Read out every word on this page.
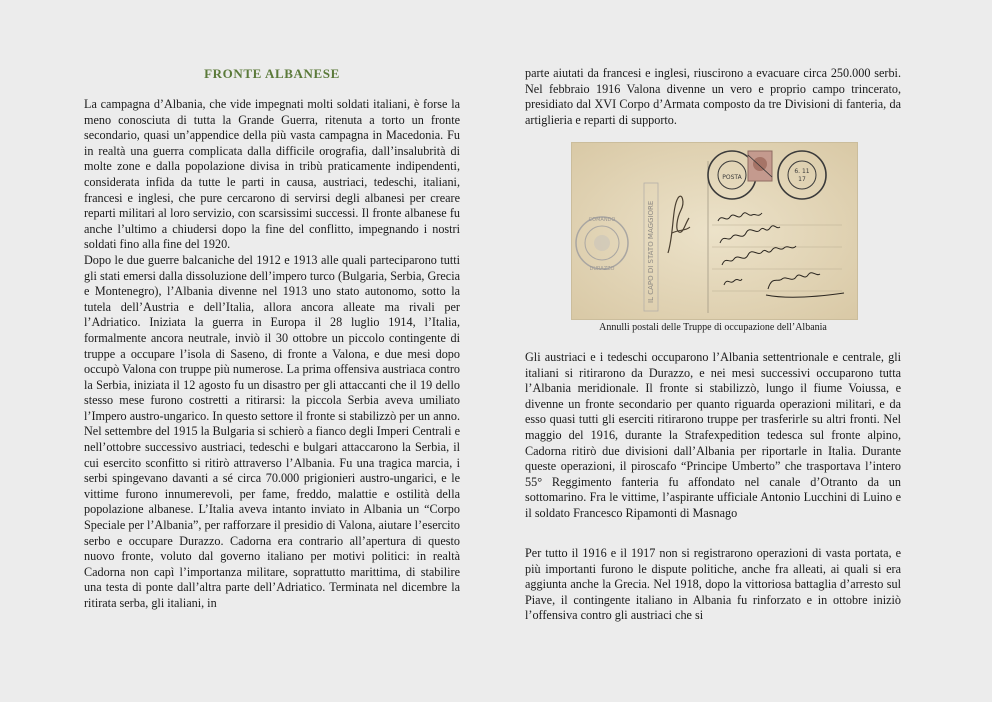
FRONTE ALBANESE

La campagna d’Albania, che vide impegnati molti soldati italiani, è forse la meno conosciuta di tutta la Grande Guerra, ritenuta a torto un fronte secondario, quasi un’appendice della più vasta campagna in Macedonia. Fu in realtà una guerra complicata dalla difficile orografia, dall’insalubrità di molte zone e dalla popolazione divisa in tribù praticamente indipendenti, considerata infida da tutte le parti in causa, austriaci, tedeschi, italiani, francesi e inglesi, che pure cercarono di servirsi degli albanesi per creare reparti militari al loro servizio, con scarsissimi successi. Il fronte albanese fu anche l’ultimo a chiudersi dopo la fine del conflitto, impegnando i nostri soldati fino alla fine del 1920.

Dopo le due guerre balcaniche del 1912 e 1913 alle quali parteciparono tutti gli stati emersi dalla dissoluzione dell’impero turco (Bulgaria, Serbia, Grecia e Montenegro), l’Albania divenne nel 1913 uno stato autonomo, sotto la tutela dell’Austria e dell’Italia, allora ancora alleate ma rivali per l’Adriatico. Iniziata la guerra in Europa il 28 luglio 1914, l’Italia, formalmente ancora neutrale, inviò il 30 ottobre un piccolo contingente di truppe a occupare l’isola di Saseno, di fronte a Valona, e due mesi dopo occupò Valona con truppe più numerose. La prima offensiva austriaca contro la Serbia, iniziata il 12 agosto fu un disastro per gli attaccanti che il 19 dello stesso mese furono costretti a ritirarsi: la piccola Serbia aveva umiliato l’Impero austro-ungarico. In questo settore il fronte si stabilizzò per un anno. Nel settembre del 1915 la Bulgaria si schierò a fianco degli Imperi Centrali e nell’ottobre successivo austriaci, tedeschi e bulgari attaccarono la Serbia, il cui esercito sconfitto si ritirò attraverso l’Albania. Fu una tragica marcia, i serbi spingevano davanti a sé circa 70.000 prigionieri austro-ungarici, e le vittime furono innumerevoli, per fame, freddo, malattie e ostilità della popolazione albanese. L’Italia aveva intanto inviato in Albania un “Corpo Speciale per l’Albania”, per rafforzare il presidio di Valona, aiutare l’esercito serbo e occupare Durazzo. Cadorna era contrario all’apertura di questo nuovo fronte, voluto dal governo italiano per motivi politici: in realtà Cadorna non capì l’importanza militare, soprattutto marittima, di stabilire una testa di ponte dall’altra parte dell’Adriatico. Terminata nel dicembre la ritirata serba, gli italiani, in

parte aiutati da francesi e inglesi, riuscirono a evacuare circa 250.000 serbi. Nel febbraio 1916 Valona divenne un vero e proprio campo trincerato, presidiato dal XVI Corpo d’Armata composto da tre Divisioni di fanteria, da artiglieria e reparti di supporto.

COMANDO
DURAZZO	IL CAPO DI STATO MAGGIORE
POSTA
6. 11
17
Annulli postali delle Truppe di occupazione dell’Albania

Gli austriaci e i tedeschi occuparono l’Albania settentrionale e centrale, gli italiani si ritirarono da Durazzo, e nei mesi successivi occuparono tutta l’Albania meridionale. Il fronte si stabilizzò, lungo il fiume Voiussa, e divenne un fronte secondario per quanto riguarda operazioni militari, e da esso quasi tutti gli eserciti ritirarono truppe per trasferirle su altri fronti. Nel maggio del 1916, durante la Strafexpedition tedesca sul fronte alpino, Cadorna ritirò due divisioni dall’Albania per riportarle in Italia. Durante queste operazioni, il piroscafo “Principe Umberto” che trasportava l’intero 55° Reggimento fanteria fu affondato nel canale d’Otranto da un sottomarino. Fra le vittime, l’aspirante ufficiale Antonio Lucchini di Luino e il soldato Francesco Ripamonti di Masnago

Per tutto il 1916 e il 1917 non si registrarono operazioni di vasta portata, e più importanti furono le dispute politiche, anche fra alleati, ai quali si era aggiunta anche la Grecia. Nel 1918, dopo la vittoriosa battaglia d’arresto sul Piave, il contingente italiano in Albania fu rinforzato e in ottobre iniziò l’offensiva contro gli austriaci che si
